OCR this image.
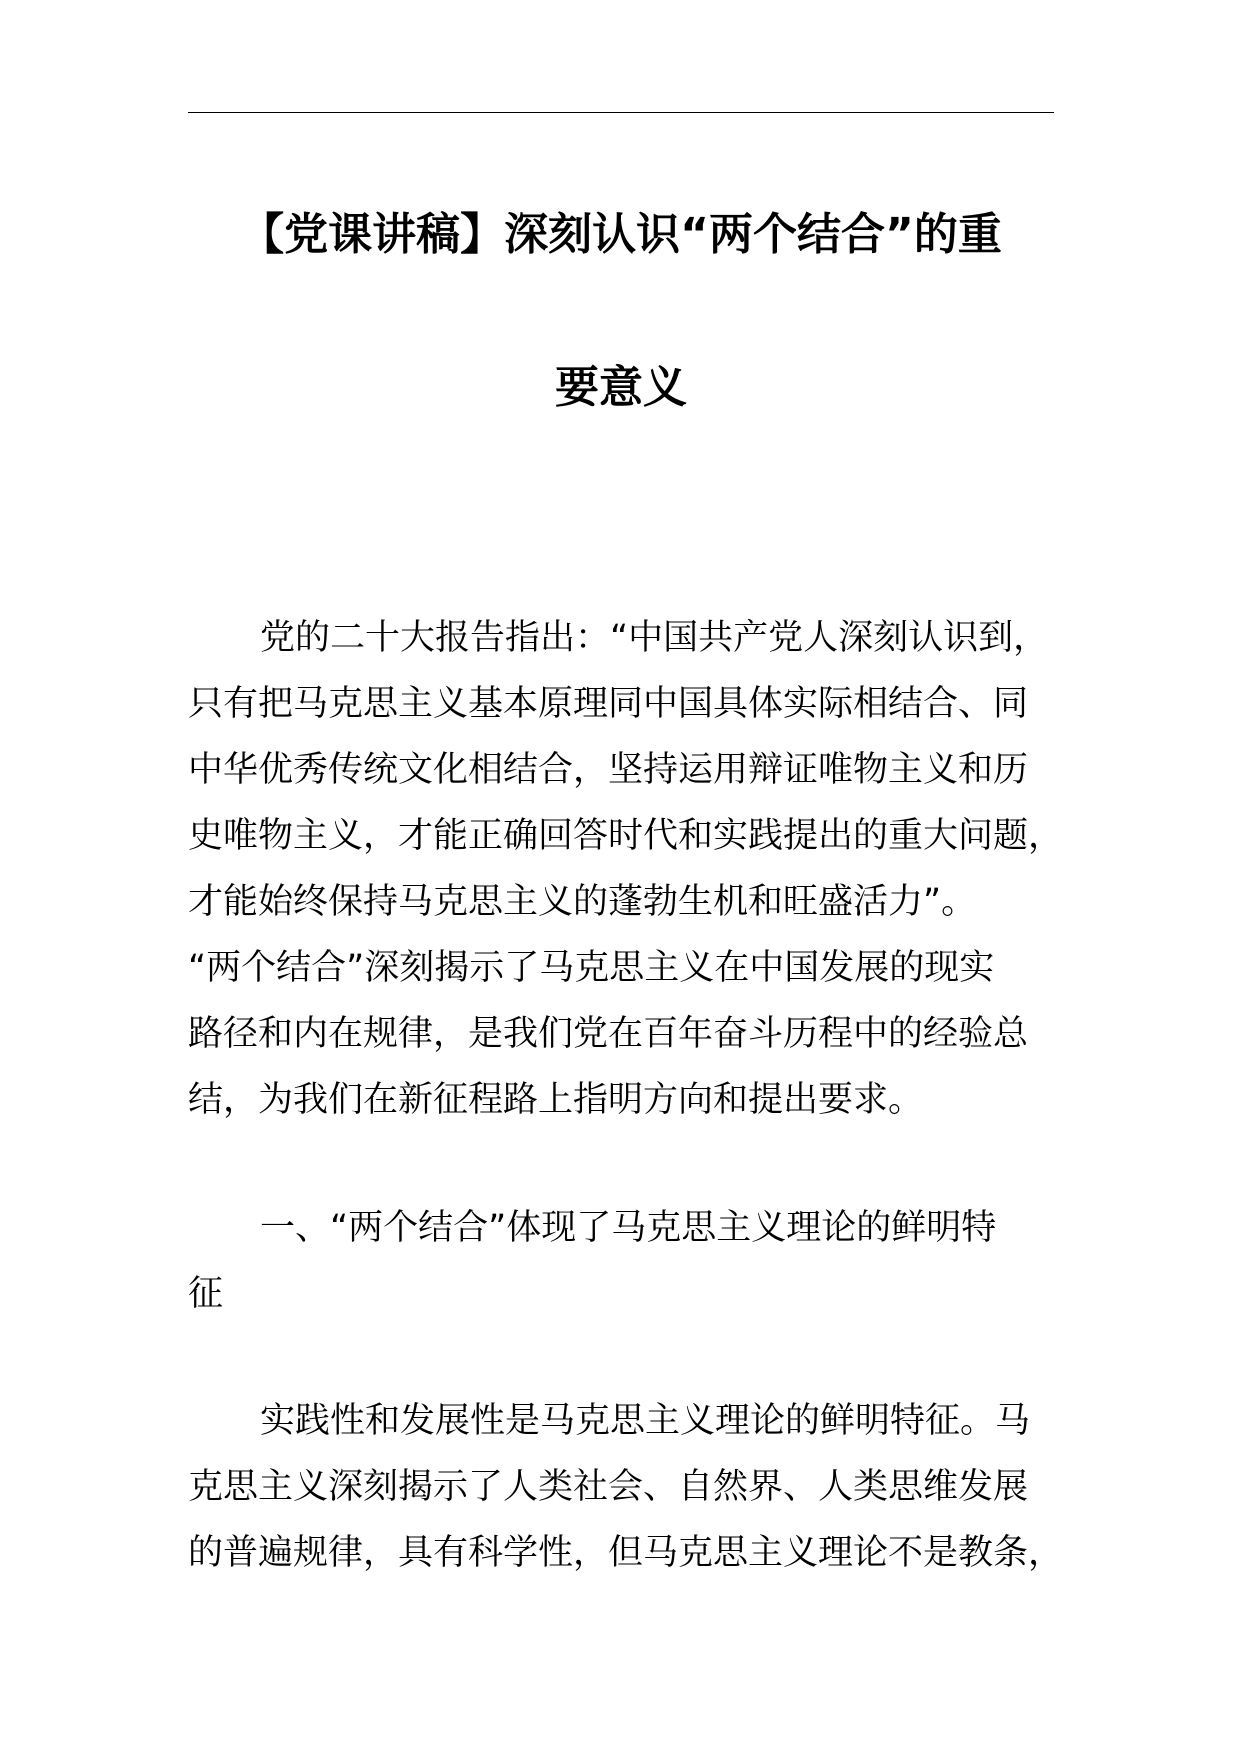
【党课讲稿】深刻认识“两个结合”的重
要意义
党的二十大报告指出：“中国共产党人深刻认识到，
只有把马克思主义基本原理同中国具体实际相结合、同
中华优秀传统文化相结合，坚持运用辩证唯物主义和历
史唯物主义，才能正确回答时代和实践提出的重大问题，
才能始终保持马克思主义的蓬勃生机和旺盛活力”。
“两个结合”深刻揭示了马克思主义在中国发展的现实
路径和内在规律，是我们党在百年奋斗历程中的经验总
结，为我们在新征程路上指明方向和提出要求。
一、“两个结合”体现了马克思主义理论的鲜明特
征
实践性和发展性是马克思主义理论的鲜明特征。马
克思主义深刻揭示了人类社会、自然界、人类思维发展
的普遍规律，具有科学性，但马克思主义理论不是教条，
